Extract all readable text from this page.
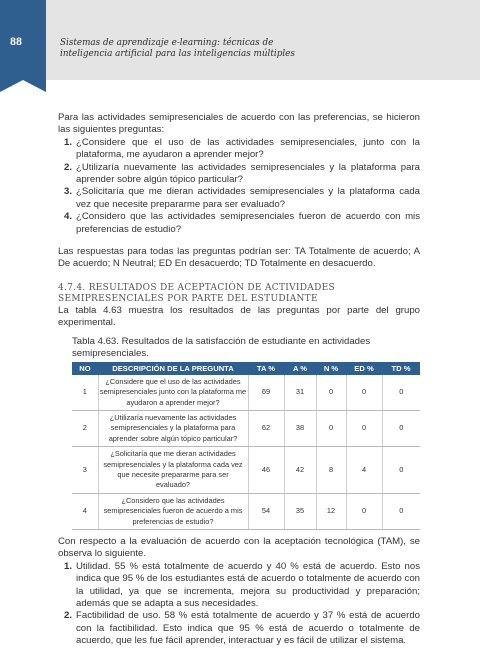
88	Sistemas de aprendizaje e-learning: técnicas de
inteligencia artificial para las inteligencias múltiples

Para las actividades semipresenciales de acuerdo con las preferencias, se hicieron las siguientes preguntas:

1. ¿Considere que el uso de las actividades semipresenciales, junto con la plataforma, me ayudaron a aprender mejor?
2. ¿Utilizaría nuevamente las actividades semipresenciales y la plataforma para aprender sobre algún tópico particular?
3. ¿Solicitaría que me dieran actividades semipresenciales y la plataforma cada vez que necesite prepararme para ser evaluado?
4. ¿Considero que las actividades semipresenciales fueron de acuerdo con mis preferencias de estudio?

Las respuestas para todas las preguntas podrían ser: TA Totalmente de acuerdo; A De acuerdo; N Neutral; ED En desacuerdo; TD Totalmente en desacuerdo.

4.7.4. RESULTADOS DE ACEPTACIÓN DE ACTIVIDADES
SEMIPRESENCIALES POR PARTE DEL ESTUDIANTE

La tabla 4.63 muestra los resultados de las preguntas por parte del grupo experimental.

Tabla 4.63. Resultados de la satisfacción de estudiante en actividades semipresenciales.
NO	DESCRIPCIÓN DE LA PREGUNTA	TA %	A %	N %	ED %	TD %
1	¿Considere que el uso de las actividades semipresenciales junto con la plataforma me ayudaron a aprender mejor?	69	31	0	0	0
2	¿Utilizaría nuevamente las actividades semipresenciales y la plataforma para aprender sobre algún tópico particular?	62	38	0	0	0
3	¿Solicitaría que me dieran actividades semipresenciales y la plataforma cada vez que necesite prepararme para ser evaluado?	46	42	8	4	0
4	¿Considero que las actividades semipresenciales fueron de acuerdo a mis preferencias de estudio?	54	35	12	0	0

Con respecto a la evaluación de acuerdo con la aceptación tecnológica (TAM), se observa lo siguiente.

1. Utilidad. 55 % está totalmente de acuerdo y 40 % está de acuerdo. Esto nos indica que 95 % de los estudiantes está de acuerdo o totalmente de acuerdo con la utilidad, ya que se incrementa, mejora su productividad y preparación; además que se adapta a sus necesidades.
2. Factibilidad de uso. 58 % está totalmente de acuerdo y 37 % está de acuerdo con la factibilidad. Esto indica que 95 % está de acuerdo o totalmente de acuerdo, que les fue fácil aprender, interactuar y es fácil de utilizar el sistema.
